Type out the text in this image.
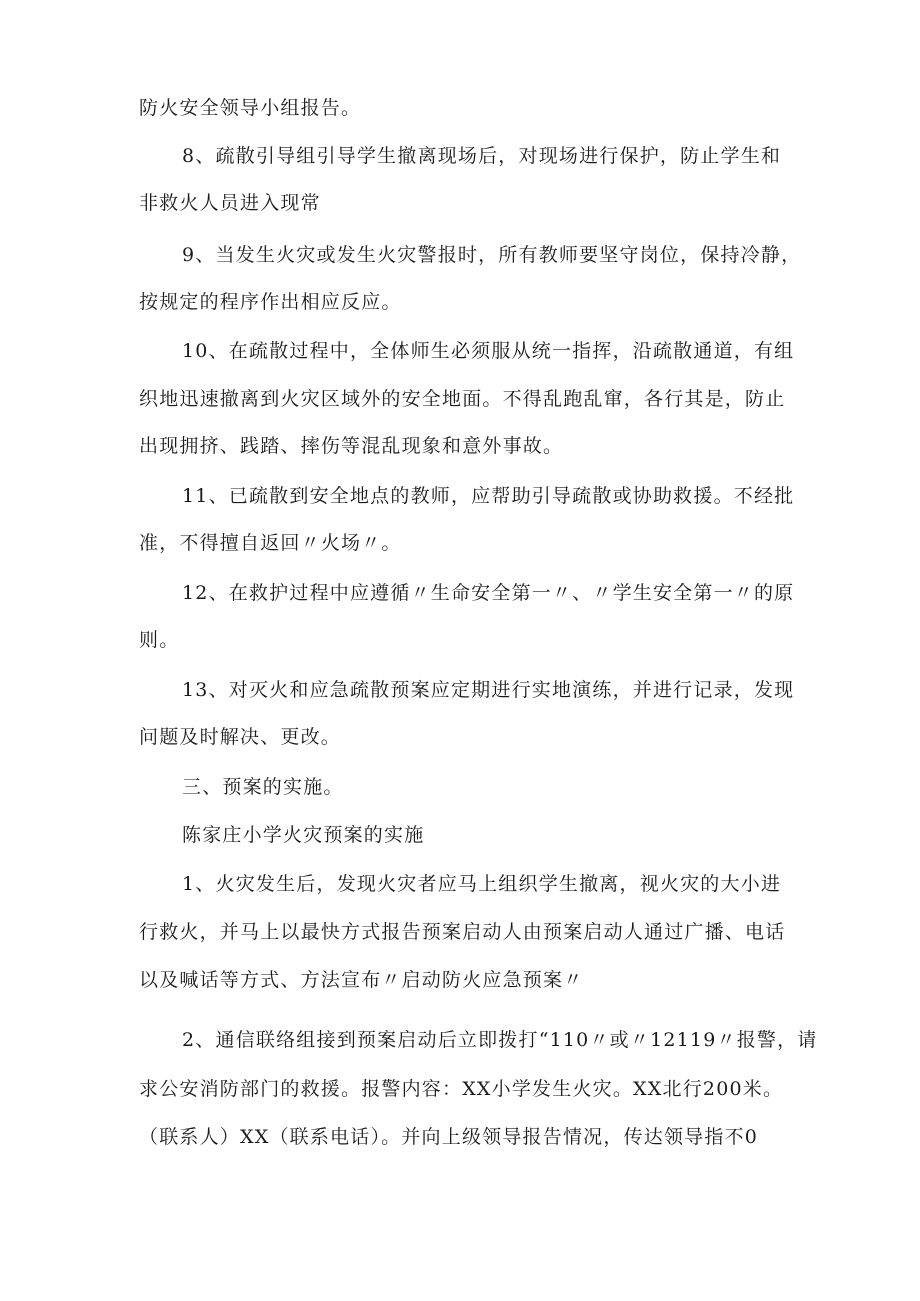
防火安全领导小组报告。
8、疏散引导组引导学生撤离现场后，对现场进行保护，防止学生和
非救火人员进入现常
9、当发生火灾或发生火灾警报时，所有教师要坚守岗位，保持冷静，
按规定的程序作出相应反应。
10、在疏散过程中，全体师生必须服从统一指挥，沿疏散通道，有组
织地迅速撤离到火灾区域外的安全地面。不得乱跑乱窜，各行其是，防止
出现拥挤、践踏、摔伤等混乱现象和意外事故。
11、已疏散到安全地点的教师，应帮助引导疏散或协助救援。不经批
准，不得擅自返回〃火场〃。
12、在救护过程中应遵循〃生命安全第一〃、〃学生安全第一〃的原
则。
13、对灭火和应急疏散预案应定期进行实地演练，并进行记录，发现
问题及时解决、更改。
三、预案的实施。
陈家庄小学火灾预案的实施
1、火灾发生后，发现火灾者应马上组织学生撤离，视火灾的大小进
行救火，并马上以最快方式报告预案启动人由预案启动人通过广播、电话
以及喊话等方式、方法宣布〃启动防火应急预案〃
2、通信联络组接到预案启动后立即拨打“110〃或〃12119〃报警，请
求公安消防部门的救援。报警内容：XX小学发生火灾。XX北行200米。
（联系人）XX（联系电话）。并向上级领导报告情况，传达领导指不0
